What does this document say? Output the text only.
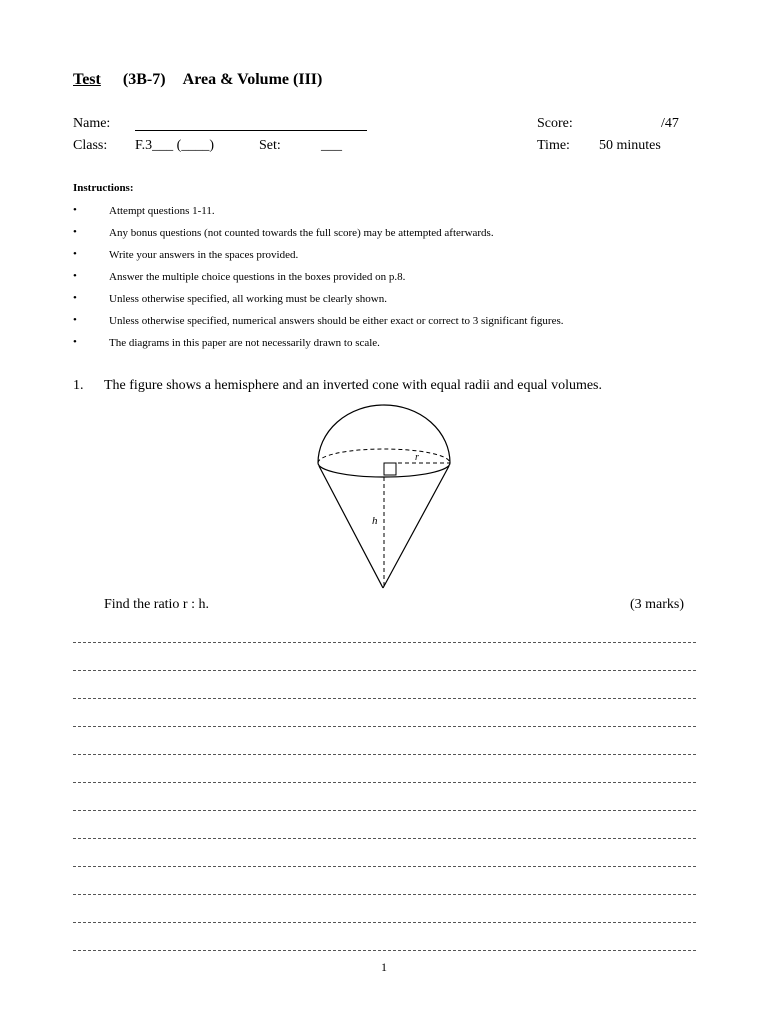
Test (3B-7) Area & Volume (III)
Name:	Score:	/47
Class: F.3___ (____)	Set:	___	Time: 50 minutes
Instructions:
•	Attempt questions 1-11.
•	Any bonus questions (not counted towards the full score) may be attempted afterwards.
•	Write your answers in the spaces provided.
•	Answer the multiple choice questions in the boxes provided on p.8.
•	Unless otherwise specified, all working must be clearly shown.
•	Unless otherwise specified, numerical answers should be either exact or correct to 3 significant figures.
•	The diagrams in this paper are not necessarily drawn to scale.
1. The figure shows a hemisphere and an inverted cone with equal radii and equal volumes.
r
h
Find the ratio r : h.	(3 marks)
1
